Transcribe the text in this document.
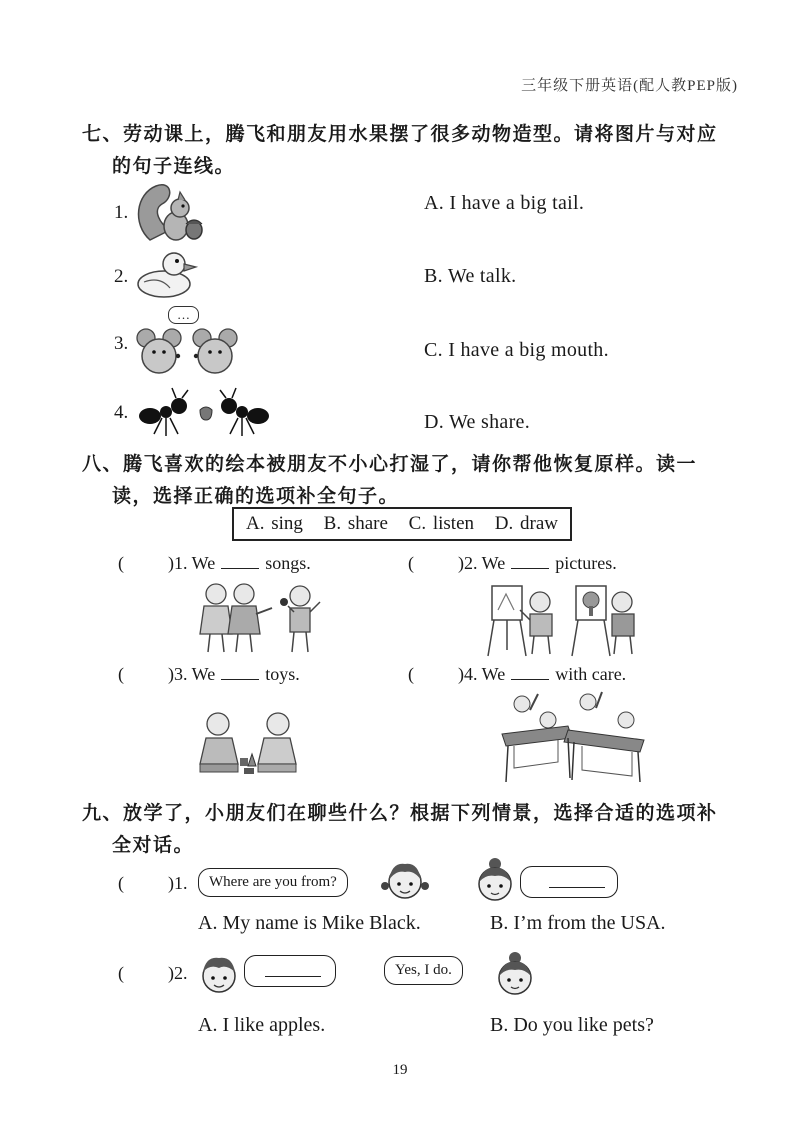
三年级下册英语(配人教PEP版)
七、劳动课上，腾飞和朋友用水果摆了很多动物造型。请将图片与对应
的句子连线。
1.
2.
3.
4.
…
A. I have a big tail.
B. We talk.
C. I have a big mouth.
D. We share.
八、腾飞喜欢的绘本被朋友不小心打湿了，请你帮他恢复原样。读一
读，选择正确的选项补全句子。
A. sing B. share C. listen D. draw
( )1. We	songs.	( )2. We	pictures.
( )3. We	toys.	( )4. We	with care.
九、放学了，小朋友们在聊些什么？根据下列情景，选择合适的选项补
全对话。
( )1.	Where are you from?
A. My name is Mike Black.	B. I’m from the USA.
( )2.	Yes, I do.
A. I like apples.	B. Do you like pets?
19
